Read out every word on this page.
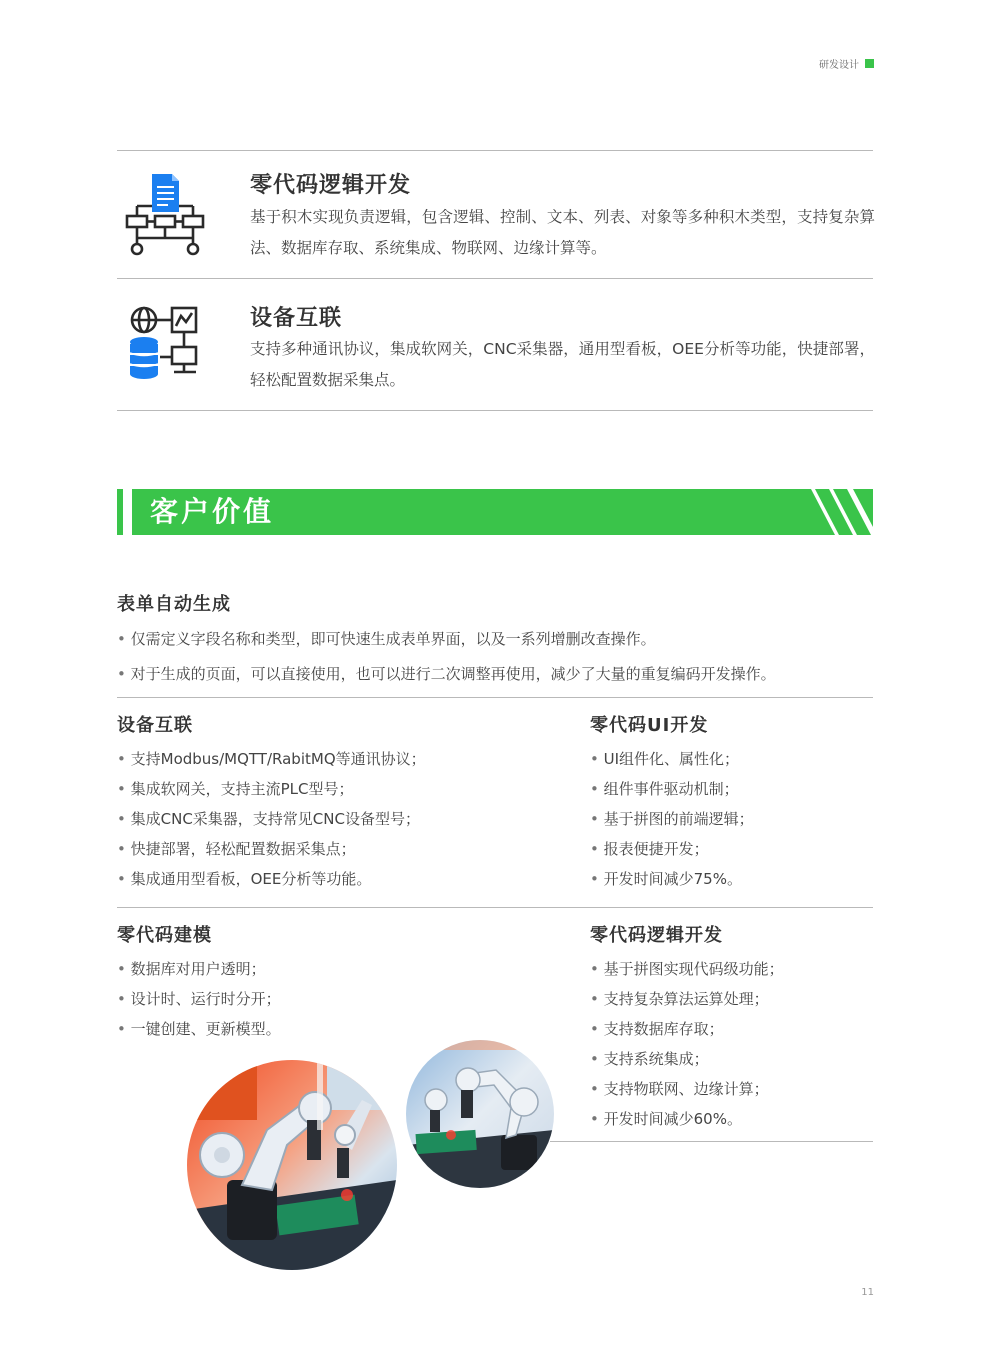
研发设计
零代码逻辑开发
基于积木实现负责逻辑，包含逻辑、控制、文本、列表、对象等多种积木类型，支持复杂算法、数据库存取、系统集成、物联网、边缘计算等。
设备互联
支持多种通讯协议，集成软网关，CNC采集器，通用型看板，OEE分析等功能，快捷部署，轻松配置数据采集点。
客户价值
表单自动生成
• 仅需定义字段名称和类型，即可快速生成表单界面，以及一系列增删改查操作。
• 对于生成的页面，可以直接使用，也可以进行二次调整再使用，减少了大量的重复编码开发操作。
设备互联
• 支持Modbus/MQTT/RabitMQ等通讯协议；
• 集成软网关，支持主流PLC型号；
• 集成CNC采集器，支持常见CNC设备型号；
• 快捷部署，轻松配置数据采集点；
• 集成通用型看板，OEE分析等功能。
零代码UI开发
• UI组件化、属性化；
• 组件事件驱动机制；
• 基于拼图的前端逻辑；
• 报表便捷开发；
• 开发时间减少75%。
零代码建模
• 数据库对用户透明；
• 设计时、运行时分开；
• 一键创建、更新模型。
零代码逻辑开发
• 基于拼图实现代码级功能；
• 支持复杂算法运算处理；
• 支持数据库存取；
• 支持系统集成；
• 支持物联网、边缘计算；
• 开发时间减少60%。
11
